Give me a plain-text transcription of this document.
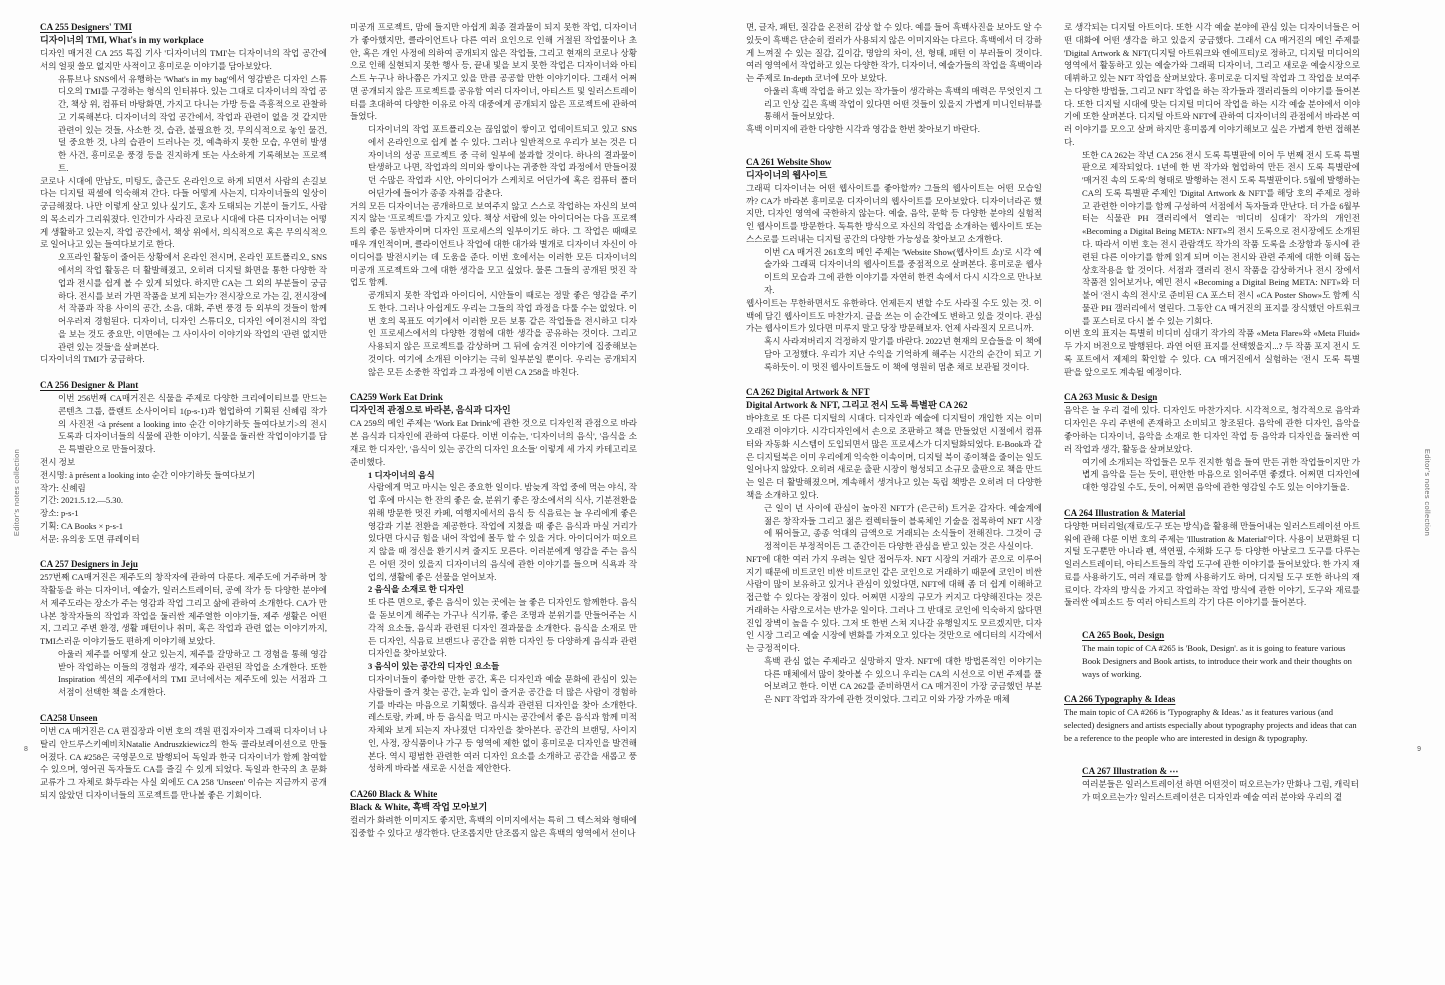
Editor's notes collection
8
CA 255 Designers' TMI
디자이너의 TMI, What's in my workplace

디자인 매거진 CA 255 특집 기사 '디자이너의 TMI'는 디자이너의 작업 공간에서의 얼핏 쓸모 없지만 사적이고 흥미로운 이야기를 담아보았다.

유튜브나 SNS에서 유행하는 'What's in my bag'에서 영감받은 디자인 스튜디오의 TMI를 구경하는 형식의 인터뷰다. 있는 그대로 디자이너의 작업 공간, 책상 위, 컴퓨터 바탕화면, 가지고 다니는 가방 등을 즉흥적으로 관찰하고 기록해본다. 디자이너의 작업 공간에서, 작업과 관련이 없을 것 같지만 관련이 있는 것들, 사소한 것, 습관, 불필요한 것, 무의식적으로 놓인 물건, 덜 중요한 것, 나의 습관이 드러나는 것, 예측하지 못한 모습, 우연히 발생한 사건, 흥미로운 풍경 등을 진지하게 또는 사소하게 기록해보는 프로젝트.

코로나 시대에 만남도, 미팅도, 출근도 온라인으로 하게 되면서 사람의 손길보다는 디지털 픽셀에 익숙해져 간다. 다들 어떻게 사는지, 디자이너들의 일상이 궁금해졌다. 나만 이렇게 살고 있나 싶기도, 혼자 도태되는 기분이 들기도, 사람의 목소리가 그리워졌다. 인간미가 사라진 코로나 시대에 다른 디자이너는 어떻게 생활하고 있는지, 작업 공간에서, 책상 위에서, 의식적으로 혹은 무의식적으로 일어나고 있는 들여다보기로 한다.

오프라인 활동이 줄어든 상황에서 온라인 전시며, 온라인 포트폴리오, SNS에서의 작업 활동은 더 활발해졌고, 오히려 디지털 화면을 통한 다양한 작업과 전시를 쉽게 볼 수 있게 되었다. 하지만 CA는 그 외의 부분들이 궁금하다. 전시를 보러 가면 작품을 보게 되는가? 전시장으로 가는 길, 전시장에서 작품과 작용 사이의 공간, 소음, 대화, 주변 풍경 등 외부의 것들이 함께 어우러져 경험된다. 디자이너, 디자인 스튜디오, 디자인 에이전시의 작업을 보는 것도 중요만, 이면에는 그 사이사이 이야기와 작업의 '관련 없지만 관련 있는 것들'을 살펴본다.

디자이너의 TMI가 궁금하다.

CA 256 Designer & Plant

이번 256번째 CA매거진은 식물을 주제로 다양한 크리에이티브를 만드는 콘텐츠 그룹, 플랜트 소사이어티 1(p-s-1)과 협업하여 기획된 신혜림 작가의 사진전 <à présent a looking into 순간 이야기하듯 들여다보기>의 전시 도록과 디자이너들의 식물에 관한 이야기, 식물을 둘러싼 작업이야기를 담은 특별란으로 만들어졌다.

전시 정보

전시명: à présent a looking into 순간 이야기하듯 들여다보기

작가: 신혜림

기간: 2021.5.12.—5.30.

장소: p-s-1

기획: CA Books × p-s-1

서문: 유의웅 도면 큐레이터

CA 257 Designers in Jeju

257번째 CA매거진은 제주도의 창작자에 관하여 다룬다. 제주도에 거주하며 창작활동을 하는 디자이너, 예술가, 일러스트레이터, 공예 작가 등 다양한 분야에서 제주도라는 장소가 주는 영감과 작업 그리고 삶에 관하여 소개한다. CA가 만나본 창작자들의 작업과 작업을 둘러싼 제주열한 이야기들, 제주 생활은 어떤지, 그리고 주변 환경, 생활 패턴이나 취미, 혹은 작업과 관련 없는 이야기까지, TMI스러운 이야기들도 편하게 이야기해 보았다.

아울러 제주를 어떻게 살고 있는지, 제주를 갈망하고 그 경험을 통해 영감 받아 작업하는 이들의 경험과 생각, 제주와 관련된 작업을 소개한다. 또한 Inspiration 섹션의 제주에서의 TMI 코너에서는 제주도에 있는 서점과 그 서점이 선택한 책을 소개한다.

CA258 Unseen

이번 CA 매거진은 CA 편집장과 이번 호의 객원 편집자이자 그래픽 디자이너 나탈리 안드루스키예비치Natalie Andruszkiewicz의 한독 콜라보레이션으로 만들어졌다. CA #258은 국영문으로 발행되어 독일과 한국 디자이너가 함께 참여할 수 있으며, 영어권 독자들도 CA를 즐길 수 있게 되었다. 독일과 한국의 초 문화 교류가 그 자체로 화두라는 사실 외에도 CA 258 'Unseen' 이슈는 지금까지 공개되지 않았던 디자이너들의 프로젝트를 만나볼 좋은 기회이다.

미공개 프로젝트, 맘에 들지만 아쉽게 최종 결과물이 되지 못한 작업, 디자이너가 좋아했지만, 클라이언트나 다른 여러 요인으로 인해 거절된 작업물이나 초안, 혹은 개인 사정에 의하여 공개되지 않은 작업들, 그리고 현재의 코로나 상황으로 인해 실현되지 못한 행사 등, 끝내 빛을 보지 못한 작업은 디자이너와 아티스트 누구나 하나쯤은 가지고 있을 만큼 공공할 만한 이야기이다. 그래서 어쩌면 공개되지 않은 프로젝트를 공유함 여러 디자이너, 아티스트 및 일러스트레이터를 초대하여 다양한 이유로 아직 대중에게 공개되지 않은 프로젝트에 관하여 들었다.

디자이너의 작업 포트폴리오는 끊임없이 쌓이고 업데이트되고 있고 SNS에서 온라인으로 쉽게 볼 수 있다. 그러나 일반적으로 우리가 보는 것은 디자이너의 성공 프로젝트 중 극히 일부에 불과할 것이다. 하나의 결과물이 탄생하고 나면, 작업과의 의미와 쌓이나는 귀중한 작업 과정에서 만들어졌던 수많은 작업과 시안, 아이디어가 스케치로 어딘가에 혹은 컴퓨터 폴더 어딘가에 들어가 종종 자취를 감춘다.

거의 모든 디자이너는 공개하므로 보여주지 않고 스스로 작업하는 자신의 보여지지 않는 '프로젝트'를 가지고 있다. 책상 서랍에 있는 아이디어는 다음 프로젝트의 좋은 동반자이며 디자인 프로세스의 일부이기도 하다. 그 작업은 때때로 매우 개인적이며, 클라이언트나 작업에 대한 대가와 별개로 디자이너 자신이 아이디어를 발전시키는 데 도움을 준다. 이번 호에서는 이러한 모든 디자이너의 미공개 프로젝트와 그에 대한 생각을 모고 싶었다. 물론 그들의 공개된 멋진 작업도 함께.

공개되지 못한 작업과 아이디어, 시안들이 때로는 정말 좋은 영감을 주기도 한다. 그러나 아쉽게도 우리는 그들의 작업 과정을 다룰 수는 없었다. 이번 호의 목표도 여기에서 이러한 모든 보통 같은 작업들을 전시하고 디자인 프로세스에서의 다양한 경험에 대한 생각을 공유하는 것이다. 그리고 사용되지 않은 프로젝트를 감상하며 그 뒤에 숨겨진 이야기에 집중해보는 것이다. 여기에 소개된 이야기는 극히 일부분일 뿐이다. 우리는 공개되지 않은 모든 소중한 작업과 그 과정에 이번 CA 258을 바친다.

CA259 Work Eat Drink
디자인적 관점으로 바라본, 음식과 디자인

CA 259의 메인 주제는 'Work Eat Drink'에 관한 것으로 디자인적 관점으로 바라본 음식과 디자인에 관하여 다룬다. 이번 이슈는, '디자이너의 음식', '음식을 소재로 한 디자인', '음식이 있는 공간의 디자인 요소들' 이렇게 세 가지 카테고리로 준비했다.

1 디자이너의 음식

사람에게 먹고 마시는 일은 중요한 일이다. 밤늦게 작업 중에 먹는 야식, 작업 후에 마시는 한 잔의 좋은 술, 분위기 좋은 장소에서의 식사, 기분전환을 위해 방문한 멋진 카페, 여행지에서의 음식 등 식음료는 늘 우리에게 좋은 영감과 기분 전환을 제공한다. 작업에 지쳤을 때 좋은 음식과 마실 거리가 있다면 다시금 힘을 내어 작업에 몰두 할 수 있을 거다. 아이디어가 떠오르지 않을 때 정신을 환기시켜 줄지도 모른다. 이러분에게 영감을 주는 음식은 어떤 것이 있을지 디자이너의 음식에 관한 이야기를 들으며 식욕과 작업의, 생활에 좋은 선물을 얻어보자.

2 음식을 소재로 한 디자인

또 다른 면으로, 좋은 음식이 있는 곳에는 늘 좋은 디자인도 함께한다. 음식을 돋보이게 해주는 가구나 식기류, 좋은 조명과 분위기를 만들어주는 시각적 요소들, 음식과 관련된 디자인 결과물을 소개한다. 음식을 소재로 만든 디자인, 식음료 브랜드나 공간을 위한 디자인 등 다양하게 음식과 관련 디자인을 찾아보았다.

3 음식이 있는 공간의 디자인 요소들

디자이너들이 좋아할 만한 공간, 혹은 디자인과 예술 문화에 관심이 있는 사람들이 즐겨 찾는 공간, 눈과 입이 즐거운 공간을 더 많은 사람이 경험하기를 바라는 마음으로 기획했다. 음식과 관련된 디자인을 찾아 소개한다. 레스토랑, 카페, 바 등 음식을 먹고 마시는 공간에서 좋은 음식과 함께 미적 자체와 보게 되는지 자나졌던 디자인을 찾아본다. 공간의 브랜딩, 사이지인, 사정, 장식품이나 가구 등 영역에 제한 없이 흥미로운 디자인을 발견해 본다. 역시 평범한 관련한 여러 디자인 요소를 소개하고 공간을 새롭고 풍성하게 바라볼 새로운 시선을 제안한다.

CA260 Black & White
Black & White, 흑백 작업 모아보기

컬러가 화려한 이미지도 좋지만, 흑백의 이미지에서는 특히 그 텍스쳐와 형태에 집중할 수 있다고 생각한다. 단조롭지만 단조롭지 않은 흑백의 영역에서 선이나

면, 글자, 패턴, 질감을 온전히 감상 할 수 있다. 예를 들어 흑백사진을 보아도 알 수 있듯이 흑백은 단순히 컬러가 사용되지 않은 이미지와는 다르다. 흑백에서 더 강하게 느껴질 수 있는 질감, 깊이감, 명암의 차이, 선, 형태, 패턴 이 부러들이 것이다. 여러 영역에서 작업하고 있는 다양한 작가, 디자이너, 예술가들의 작업을 흑백이라는 주제로 In-depth 코너에 모아 보았다.

아울러 흑백 작업을 하고 있는 작가들이 생각하는 흑백의 매력은 무엇인지 그리고 인상 깊은 흑백 작업이 있다면 어떤 것들이 있을지 가볍게 미니인터뷰를 통해서 들어보았다.

흑백 이미지에 관한 다양한 시각과 영감을 한번 찾아보기 바란다.

CA 261 Website Show
디자이너의 웹사이트

그래픽 디자이너는 어떤 웹사이트를 좋아할까? 그들의 웹사이트는 어떤 모습일까? CA가 바라본 흥미로운 디자이너의 웹사이트를 모아보았다. 디자이너라곤 했지만, 디자인 영역에 국한하지 않는다. 예술, 음악, 문학 등 다양한 분야의 실험적인 웹사이트를 방문한다. 독특한 방식으로 자신의 작업을 소개하는 웹사이트 또는 스스로를 드러내는 디지털 공간의 다양한 가능성을 찾아보고 소개한다.

이번 CA 매거진 261호의 메인 주제는 'Website Show(웹사이트 쇼)'로 시각 예술가와 그래픽 디자이너의 웹사이트를 중점적으로 살펴본다. 흥미로운 웹사이트의 모습과 그에 관한 이야기를 자연히 한켠 속에서 다시 시각으로 만나보자.

웹사이트는 무한하면서도 유한하다. 언제든지 변할 수도 사라질 수도 있는 것. 이 백에 담긴 웹사이트도 마찬가지. 글을 쓰는 이 순간에도 변하고 있을 것이다. 관심 가는 웹사이트가 있다면 미루지 말고 당장 방문해보자. 언제 사라질지 모르니까.

혹시 사라져버리지 걱정하지 말기를 바란다. 2022년 현재의 모습들을 이 책에 담아 고정했다. 우리가 지난 수익을 기억하게 해주는 시간의 순간이 되고 기록하듯이. 이 멋진 웹사이트들도 이 책에 영원히 멈춘 채로 보관될 것이다.

CA 262 Digital Artwork & NFT
Digital Artwork & NFT, 그리고 전시 도록 특별판 CA 262

바야흐로 또 다른 디지털의 시대다. 디자인과 예술에 디지털이 개입한 지는 이미 오래전 이야기다. 시각디자인에서 손으로 조판하고 책을 만들었던 시절에서 컴퓨터와 자동화 시스템이 도입되면서 많은 프로세스가 디지털화되었다. E-Book과 같은 디지털북은 이미 우리에게 익숙한 이속이며, 디지털 북이 종이책을 줄이는 일도 일어나지 않았다. 오히려 새로운 출판 시장이 형성되고 소규모 출판으로 책을 만드는 일은 더 활발해졌으며, 계속해서 생겨나고 있는 독립 책방은 오히려 더 다양한 책을 소개하고 있다.

근 일이 년 사이에 관심이 높아진 NFT가 (은근히) 트거운 감자다. 예술계에 젊은 창작자들 그리고 젊은 컬렉터들이 블록체인 기술을 접목하여 NFT 시장에 뛰어들고, 종종 억대의 금액으로 거래되는 소식들이 전해진다. 그것이 긍정적이든 부정적이든 그 준간이든 다양한 관심을 받고 있는 것은 사실이다.

NFT에 대한 여러 가지 우려는 일단 접어두자. NFT 시장의 거래가 곧으로 이루어지기 때문에 비트코인 비싼 비트코인 같은 코인으로 거래하기 때문에 코인이 비싼 사람이 많이 보유하고 있거나 관심이 있었다면, NFT에 대해 좀 더 쉽게 이해하고 접근할 수 있다는 장점이 있다. 어쩌면 시장의 규모가 커지고 다양해진다는 것은 거래하는 사람으로서는 반가운 일이다. 그러나 그 반대로 코인에 익숙하지 않다면 진입 장벽이 높을 수 있다. 그저 또 한번 스쳐 지나갈 유행일지도 모르겠지만, 디자인 시장 그리고 예술 시장에 변화를 가져오고 있다는 것만으로 에디터의 시각에서는 긍정적이다.

흑백 관심 없는 주제라고 실망하지 말자. NFT에 대한 방법론적인 이야기는 다른 매체에서 많이 찾아볼 수 있으니 우리는 CA의 시선으로 이번 주제를 풀어보려고 한다. 이번 CA 262를 준비하면서 CA 매거진이 가장 궁금했던 부분은 NFT 작업과 작가에 관한 것이었다. 그리고 이와 가장 가까운 매체

로 생각되는 디지털 아트이다. 또한 시각 예술 분야에 관심 있는 디자이너들은 어떤 대화에 어떤 생각을 하고 있을지 궁금했다. 그래서 CA 매거진의 메인 주제를 'Digital Artwork & NFT(디지털 아트워크와 엔에프티)'로 정하고, 디지털 미디어의 영역에서 활동하고 있는 예술가와 그래픽 디자이너, 그리고 새로운 예술시장으로 데뷔하고 있는 NFT 작업을 살펴보았다. 흥미로운 디지털 작업과 그 작업을 보여주는 다양한 방법들, 그리고 NFT 작업을 하는 작가들과 갤러리들의 이야기를 들어본다. 또한 디지털 시대에 맞는 디지털 미디어 작업을 하는 시각 예술 분야에서 이야기에 또한 살펴본다. 디지털 아트와 NFT에 관하여 디자이너의 관점에서 바라본 여러 이야기를 모으고 살펴 하지만 흥미롭게 이야기해보고 싶은 가볍게 한번 접해본다.

또한 CA 262는 작년 CA 256 전시 도록 특별판에 이어 두 번째 전시 도록 특별판으로 제작되었다. 1년에 한 번 작가와 협업하여 만든 전시 도록 특별란에 '매거진 속의 도록'의 형태로 발행하는 전시 도록 특별판이다. 5월에 발행하는 CA의 도록 특별판 주제인 'Digital Artwork & NFT'를 해당 호의 주제로 정하고 관련한 이야기를 함께 구성하여 서점에서 독자들과 만난다. 더 가을 6월부터는 식물관 PH 갤러리에서 열리는 '비디비 심대기' 작가의 개인전 «Becoming a Digital Being META: NFT»의 전시 도록으로 전시장에도 소개된다. 따라서 이번 호는 전시 관람객도 작가의 작품 도록을 소장함과 동시에 관련된 다른 이야기를 함께 읽게 되며 이는 전시와 관련 주제에 대한 이해 돕는 상호작용을 할 것이다. 서점과 갤러리 전시 작품을 감상하거나 전시 장에서 작품전 읽어보거나, 예민 전시 «Becoming a Digital Being META: NFT»와 더불어 '전시 속의 전시'로 준비된 CA 포스터 전시 «CA Poster Show»도 함께 식물관 PH 갤러리에서 열린다. 그동안 CA 매거진의 표지를 장식했던 아트워크를 포스터로 다시 볼 수 있는 기회다.

이번 호의 표지는 특별히 비디비 심대기 작가의 작품 «Meta Flare»와 «Meta Fluid» 두 가지 버전으로 발행된다. 과연 어떤 표지를 선택했을지...? 두 작품 포지 전시 도록 포트에서 제제의 확인할 수 있다. CA 매거진에서 실험하는 '전시 도록 특별판'을 앞으로도 계속될 예정이다.

CA 263 Music & Design

음악은 늘 우리 곁에 있다. 디자인도 마찬가지다. 시각적으로, 청각적으로 음악과 디자인은 우리 주변에 존재하고 소비되고 창조된다. 음악에 관한 디자인, 음악을 좋아하는 디자이너, 음악을 소재로 한 디자인 작업 등 음악과 디자인을 둘러싼 여러 작업과 생각, 활동을 살펴보았다.

여기에 소개되는 작업들은 모두 진지한 힘을 들여 만든 귀한 작업들이지만 가볍게 음악을 듣는 듯이, 편안한 마음으로 읽어주면 좋겠다. 어쩌면 디자인에 대한 영감일 수도, 듯이, 어쩌면 음악에 관한 영감일 수도 있는 이야기들을.

CA 264 Illustration & Material

다양한 머터리얼(재료/도구 또는 방식)을 활용해 만들어내는 일러스트레이션 아트워에 관해 다룬 이번 호의 주제는 'Illustration & Material'이다. 사용이 보편화된 디지털 도구뿐만 아니라 펜, 색연필, 수채화 도구 등 다양한 아날로그 도구를 다루는 일러스트레이터, 아티스트들의 작업 도구에 관한 이야기를 들어보았다. 한 가지 재료를 사용하기도, 여러 재료를 함께 사용하기도 하며, 디지털 도구 또한 하나의 재료이다. 각자의 방식을 가지고 작업하는 작업 방식에 관한 이야기, 도구와 재료를 둘러싼 에피소드 등 여러 아티스트의 각기 다른 이야기를 들어본다.

CA 265 Book, Design

The main topic of CA #265 is 'Book, Design'. as it is going to feature various Book Designers and Book artists, to introduce their work and their thoughts on ways of working.

CA 266 Typography & Ideas

The main topic of CA #266 is 'Typography & Ideas.' as it features various (and selected) designers and artists especially about typography projects and ideas that can be a reference to the people who are interested in design & typography.

CA 267 Illustration & ⋯

여러분들은 일러스트레이션 하면 어떤것이 떠오르는가? 만화나 그림, 캐릭터가 떠오르는가? 일러스트레이션은 디자인과 예술 여러 분야와 우리의 곁

Editor's notes collection
9
